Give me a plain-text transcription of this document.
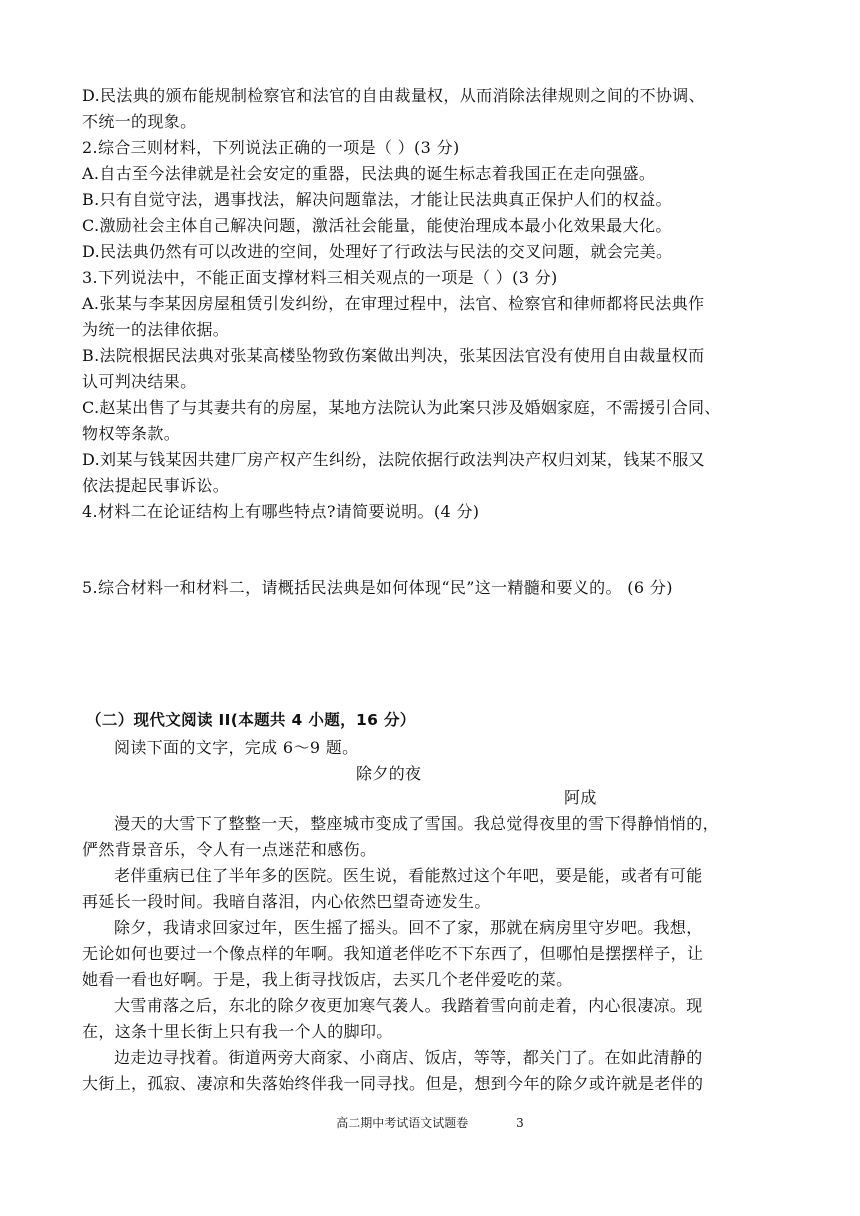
D.民法典的颁布能规制检察官和法官的自由裁量权，从而消除法律规则之间的不协调、
不统一的现象。
2.综合三则材料，下列说法正确的一项是（ ）(3 分)
A.自古至今法律就是社会安定的重器，民法典的诞生标志着我国正在走向强盛。
B.只有自觉守法，遇事找法，解决问题靠法，才能让民法典真正保护人们的权益。
C.激励社会主体自己解决问题，激活社会能量，能使治理成本最小化效果最大化。
D.民法典仍然有可以改进的空间，处理好了行政法与民法的交叉问题，就会完美。
3.下列说法中，不能正面支撑材料三相关观点的一项是（ ）(3 分)
A.张某与李某因房屋租赁引发纠纷，在审理过程中，法官、检察官和律师都将民法典作
为统一的法律依据。
B.法院根据民法典对张某高楼坠物致伤案做出判决，张某因法官没有使用自由裁量权而
认可判决结果。
C.赵某出售了与其妻共有的房屋，某地方法院认为此案只涉及婚姻家庭，不需援引合同、
物权等条款。
D.刘某与钱某因共建厂房产权产生纠纷，法院依据行政法判决产权归刘某，钱某不服又
依法提起民事诉讼。
4.材料二在论证结构上有哪些特点?请简要说明。(4 分)
5.综合材料一和材料二，请概括民法典是如何体现“民”这一精髓和要义的。 (6 分)
（二）现代文阅读 II(本题共 4 小题，16 分）
阅读下面的文字，完成 6～9 题。
除夕的夜
阿成
漫天的大雪下了整整一天，整座城市变成了雪国。我总觉得夜里的雪下得静悄悄的，
俨然背景音乐，令人有一点迷茫和感伤。
老伴重病已住了半年多的医院。医生说，看能熬过这个年吧，要是能，或者有可能
再延长一段时间。我暗自落泪，内心依然巴望奇迹发生。
除夕，我请求回家过年，医生摇了摇头。回不了家，那就在病房里守岁吧。我想，
无论如何也要过一个像点样的年啊。我知道老伴吃不下东西了，但哪怕是摆摆样子，让
她看一看也好啊。于是，我上街寻找饭店，去买几个老伴爱吃的菜。
大雪甫落之后，东北的除夕夜更加寒气袭人。我踏着雪向前走着，内心很凄凉。现
在，这条十里长街上只有我一个人的脚印。
边走边寻找着。街道两旁大商家、小商店、饭店，等等，都关门了。在如此清静的
大街上，孤寂、凄凉和失落始终伴我一同寻找。但是，想到今年的除夕或许就是老伴的
高二期中考试语文试题卷	3
